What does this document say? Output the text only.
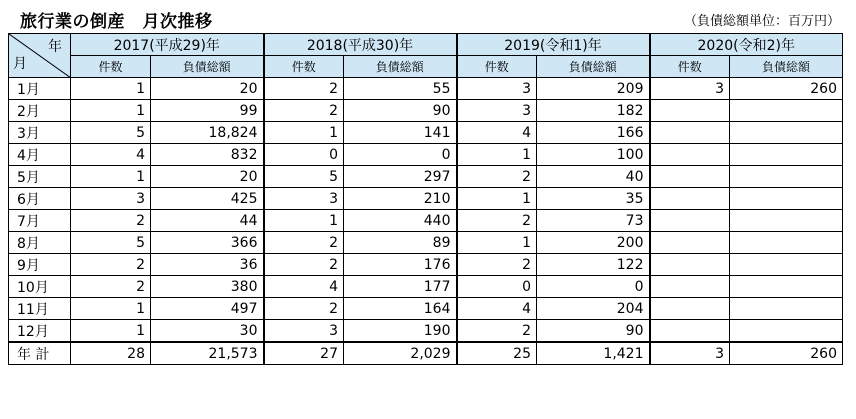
旅行業の倒産　月次推移	（負債総額単位：百万円）
年
月	2017(平成29)年		2018(平成30)年		2019(令和1)年		2020(令和2)年	
	件数	負債総額	件数	負債総額	件数	負債総額	件数	負債総額
1月	1	20	2	55	3	209	3	260
2月	1	99	2	90	3	182		
3月	5	18,824	1	141	4	166		
4月	4	832	0	0	1	100		
5月	1	20	5	297	2	40		
6月	3	425	3	210	1	35		
7月	2	44	1	440	2	73		
8月	5	366	2	89	1	200		
9月	2	36	2	176	2	122		
10月	2	380	4	177	0	0		
11月	1	497	2	164	4	204		
12月	1	30	3	190	2	90		
年 計	28	21,573	27	2,029	25	1,421	3	260
